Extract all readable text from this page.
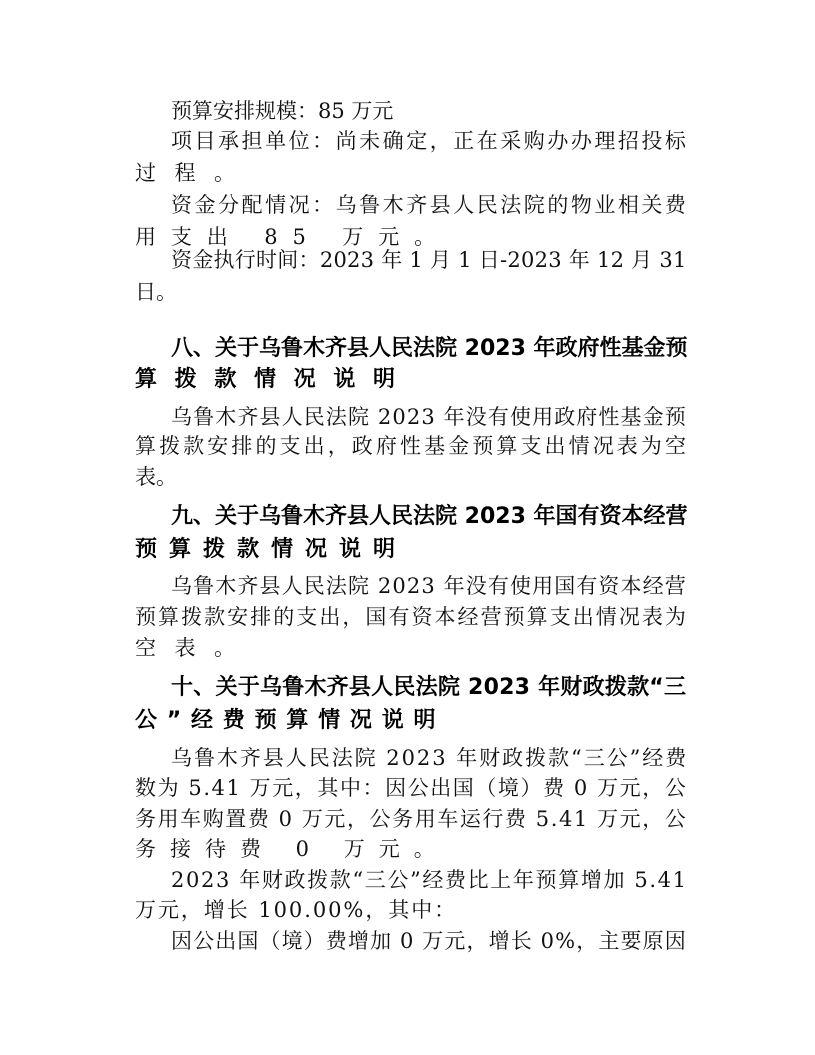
预算安排规模：85 万元
项目承担单位：尚未确定，正在采购办办理招投标
过程。
资金分配情况：乌鲁木齐县人民法院的物业相关费
用支出 85 万元。
资金执行时间：2023 年 1 月 1 日-2023 年 12 月 31
日。
八、关于乌鲁木齐县人民法院 2023 年政府性基金预
算拨款情况说明
乌鲁木齐县人民法院 2023 年没有使用政府性基金预
算拨款安排的支出，政府性基金预算支出情况表为空
表。
九、关于乌鲁木齐县人民法院 2023 年国有资本经营
预算拨款情况说明
乌鲁木齐县人民法院 2023 年没有使用国有资本经营
预算拨款安排的支出，国有资本经营预算支出情况表为
空表。
十、关于乌鲁木齐县人民法院 2023 年财政拨款“三
公”经费预算情况说明
乌鲁木齐县人民法院 2023 年财政拨款“三公”经费
数为 5.41 万元，其中：因公出国（境）费 0 万元，公
务用车购置费 0 万元，公务用车运行费 5.41 万元，公
务接待费 0 万元。
2023 年财政拨款“三公”经费比上年预算增加 5.41
万元，增长 100.00%，其中：
因公出国（境）费增加 0 万元，增长 0%，主要原因
